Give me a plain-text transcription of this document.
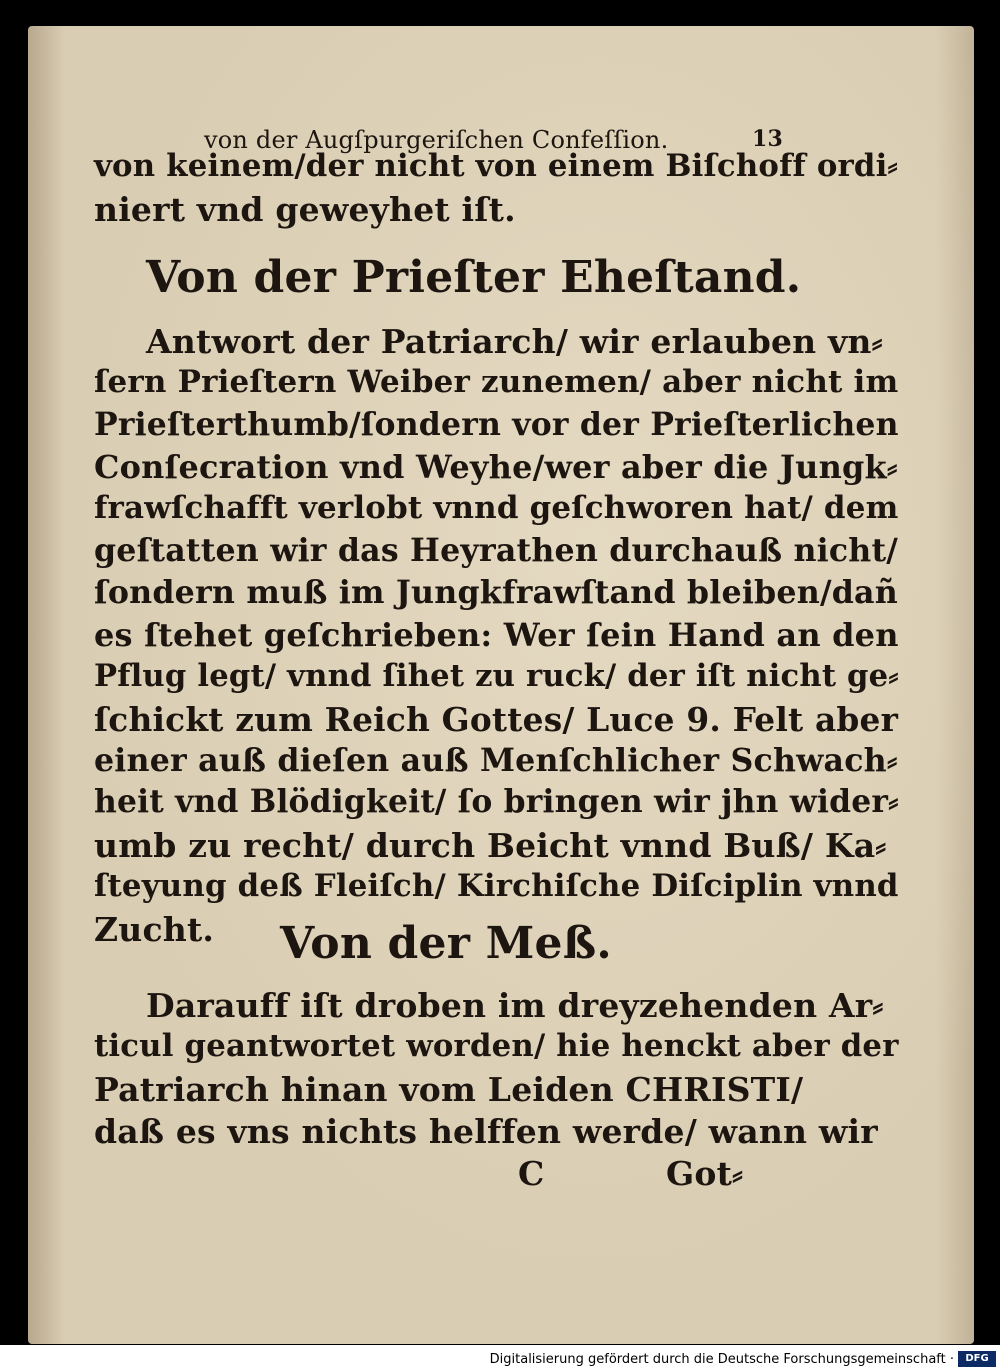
von der Augſpurgeriſchen Confeſſion.	13
von keinem/der nicht von einem Biſchoff ordi⸗
niert vnd geweyhet iſt.
Von der Prieſter Eheſtand.
Antwort der Patriarch/ wir erlauben vn⸗
ſern Prieſtern Weiber zunemen/ aber nicht im
Prieſterthumb/ſondern vor der Prieſterlichen
Conſecration vnd Weyhe/wer aber die Jungk⸗
frawſchafft verlobt vnnd geſchworen hat/ dem
geſtatten wir das Heyrathen durchauß nicht/
ſondern muß im Jungkfrawſtand bleiben/dañ
es ſtehet geſchrieben: Wer ſein Hand an den
Pflug legt/ vnnd ſihet zu ruck/ der iſt nicht ge⸗
ſchickt zum Reich Gottes/ Luce 9. Felt aber
einer auß dieſen auß Menſchlicher Schwach⸗
heit vnd Blödigkeit/ ſo bringen wir jhn wider⸗
umb zu recht/ durch Beicht vnnd Buß/ Ka⸗
ſteyung deß Fleiſch/ Kirchiſche Diſciplin vnnd
Zucht. Von der Meß.
Darauff iſt droben im dreyzehenden Ar⸗
ticul geantwortet worden/ hie henckt aber der
Patriarch hinan vom Leiden CHRISTI/
daß es vns nichts helffen werde/ wann wir
C	Got⸗
Digitalisierung gefördert durch die Deutsche Forschungsgemeinschaft ·	DFG
